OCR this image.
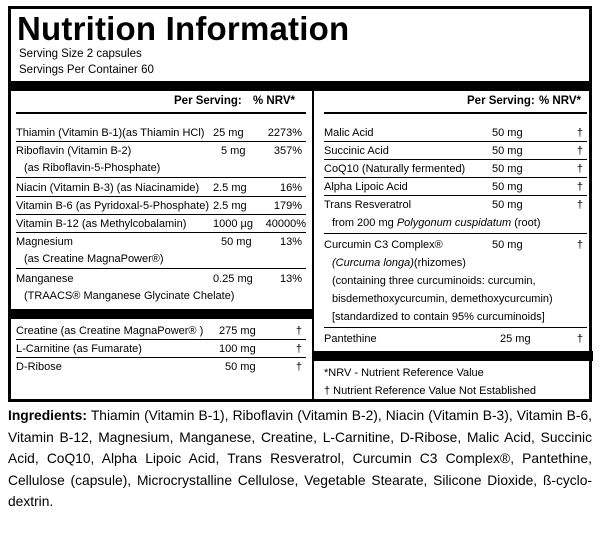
Nutrition Information
Serving Size 2 capsules
Servings Per Container 60
Per Serving: % NRV*
Thiamin (Vitamin B-1)(as Thiamin HCl) 25 mg 2273%
Riboflavin (Vitamin B-2)	5 mg	357%
(as Riboflavin-5-Phosphate)
Niacin (Vitamin B-3) (as Niacinamide) 2.5 mg	16%
Vitamin B-6 (as Pyridoxal-5-Phosphate) 2.5 mg 179%
Vitamin B-12 (as Methylcobalamin) 1000 µg 40000%
Magnesium	50 mg	13%
(as Creatine MagnaPower®)
Manganese	0.25 mg 13%
(TRAACS® Manganese Glycinate Chelate)
Creatine (as Creatine MagnaPower® ) 275 mg	†
L-Carnitine (as Fumarate)	100 mg	†
D-Ribose	50 mg	†
Per Serving: % NRV*
Malic Acid	50 mg	†
Succinic Acid	50 mg	†
CoQ10 (Naturally fermented) 50 mg	†
Alpha Lipoic Acid	50 mg	†
Trans Resveratrol	50 mg	†
from 200 mg Polygonum cuspidatum (root)
Curcumin C3 Complex®	50 mg	†
(Curcuma longa)(rhizomes)
(containing three curcuminoids: curcumin,
bisdemethoxycurcumin, demethoxycurcumin)
[standardized to contain 95% curcuminoids]
Pantethine	25 mg	†
*NRV - Nutrient Reference Value
† Nutrient Reference Value Not Established
Ingredients: Thiamin (Vitamin B-1), Riboflavin (Vitamin B-2), Niacin (Vitamin B-3), Vitamin B-6, Vitamin B-12, Magnesium, Manganese, Creatine, L-Carnitine, D-Ribose, Malic Acid, Succinic Acid, CoQ10, Alpha Lipoic Acid, Trans Resveratrol, Curcumin C3 Complex®, Pantethine, Cellulose (capsule), Microcrystalline Cellulose, Vegetable Stearate, Silicone Dioxide, ß-cyclo-dextrin.
